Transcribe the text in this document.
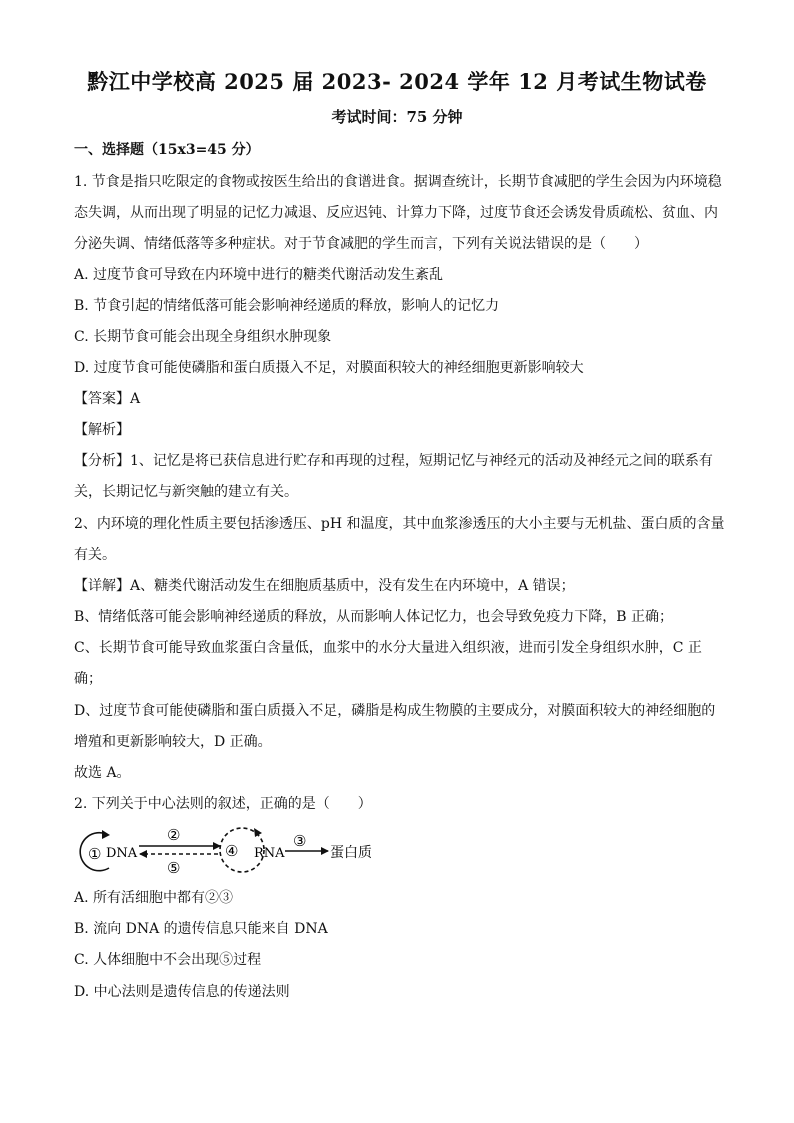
黔江中学校高 2025 届 2023- 2024 学年 12 月考试生物试卷
考试时间：75 分钟
一、选择题（15x3=45 分）
1. 节食是指只吃限定的食物或按医生给出的食谱进食。据调查统计，长期节食减肥的学生会因为内环境稳
态失调，从而出现了明显的记忆力减退、反应迟钝、计算力下降，过度节食还会诱发骨质疏松、贫血、内
分泌失调、情绪低落等多种症状。对于节食减肥的学生而言，下列有关说法错误的是（　　）
A. 过度节食可导致在内环境中进行的糖类代谢活动发生紊乱
B. 节食引起的情绪低落可能会影响神经递质的释放，影响人的记忆力
C. 长期节食可能会出现全身组织水肿现象
D. 过度节食可能使磷脂和蛋白质摄入不足，对膜面积较大的神经细胞更新影响较大
【答案】A
【解析】
【分析】1、记忆是将已获信息进行贮存和再现的过程，短期记忆与神经元的活动及神经元之间的联系有
关，长期记忆与新突触的建立有关。
2、内环境的理化性质主要包括渗透压、pH 和温度，其中血浆渗透压的大小主要与无机盐、蛋白质的含量
有关。
【详解】A、糖类代谢活动发生在细胞质基质中，没有发生在内环境中，A 错误；
B、情绪低落可能会影响神经递质的释放，从而影响人体记忆力，也会导致免疫力下降，B 正确；
C、长期节食可能导致血浆蛋白含量低，血浆中的水分大量进入组织液，进而引发全身组织水肿，C 正
确；
D、过度节食可能使磷脂和蛋白质摄入不足，磷脂是构成生物膜的主要成分，对膜面积较大的神经细胞的
增殖和更新影响较大，D 正确。
故选 A。
2. 下列关于中心法则的叙述，正确的是（　　）
① DNA
②
⑤
④ RNA
③
蛋白质
A. 所有活细胞中都有②③
B. 流向 DNA 的遗传信息只能来自 DNA
C. 人体细胞中不会出现⑤过程
D. 中心法则是遗传信息的传递法则
